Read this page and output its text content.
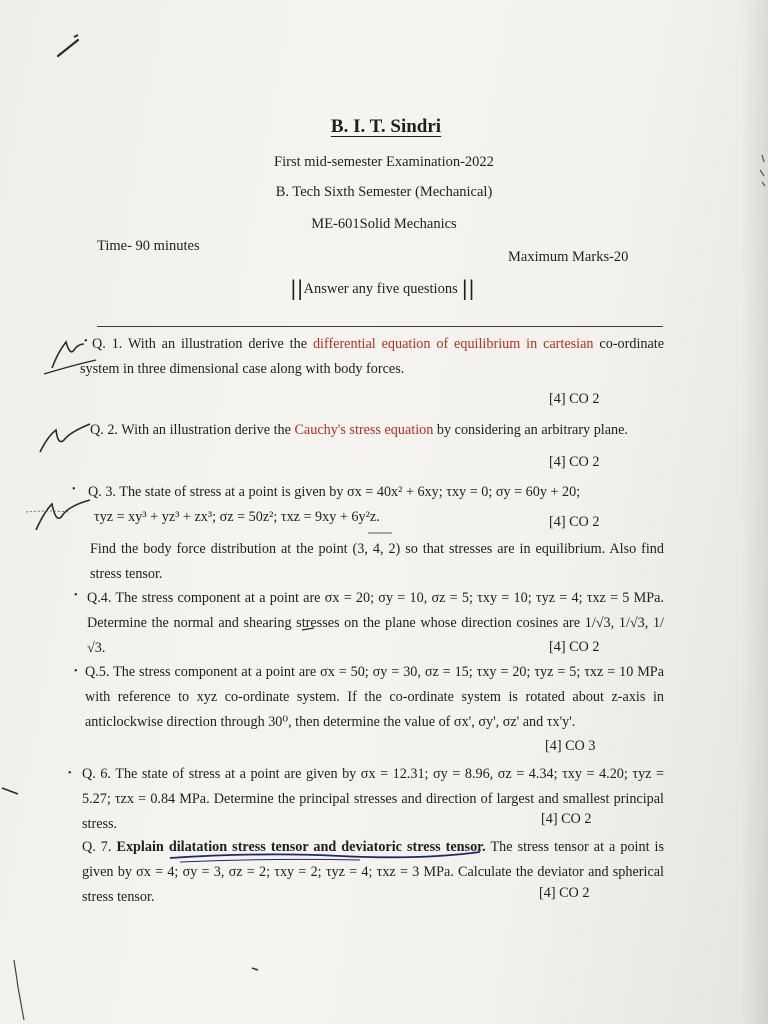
B. I. T. Sindri
First mid-semester Examination-2022
B. Tech Sixth Semester (Mechanical)
ME-601Solid Mechanics
Time- 90 minutes
Maximum Marks-20
||Answer any five questions ||
• Q. 1. With an illustration derive the differential equation of equilibrium in cartesian co-ordinate system in three dimensional case along with body forces.

[4] CO 2

Q. 2. With an illustration derive the Cauchy's stress equation by considering an arbitrary plane.

[4] CO 2
• Q. 3. The state of stress at a point is given by σx = 40x² + 6xy; τxy = 0; σy = 60y + 20;

τyz = xy³ + yz³ + zx³; σz = 50z²; τxz = 9xy + 6y²z.	[4] CO 2

Find the body force distribution at the point (3, 4, 2) so that stresses are in equilibrium. Also find stress tensor.

• Q.4. The stress component at a point are σx = 20; σy = 10, σz = 5; τxy = 10; τyz = 4; τxz = 5 MPa. Determine the normal and shearing stresses on the plane whose direction cosines are 1/√3, 1/√3, 1/√3.	[4] CO 2
• Q.5. The stress component at a point are σx = 50; σy = 30, σz = 15; τxy = 20; τyz = 5; τxz = 10 MPa with reference to xyz co-ordinate system. If the co-ordinate system is rotated about z-axis in anticlockwise direction through 30⁰, then determine the value of σx', σy', σz' and τx'y'.

[4] CO 3
• Q. 6. The state of stress at a point are given by σx = 12.31; σy = 8.96, σz = 4.34; τxy = 4.20; τyz = 5.27; τzx = 0.84 MPa. Determine the principal stresses and direction of largest and smallest principal stress.	[4] CO 2

Q. 7. Explain dilatation stress tensor and deviatoric stress tensor. The stress tensor at a point is given by σx = 4; σy = 3, σz = 2; τxy = 2; τyz = 4; τxz = 3 MPa. Calculate the deviator and spherical stress tensor.	[4] CO 2
